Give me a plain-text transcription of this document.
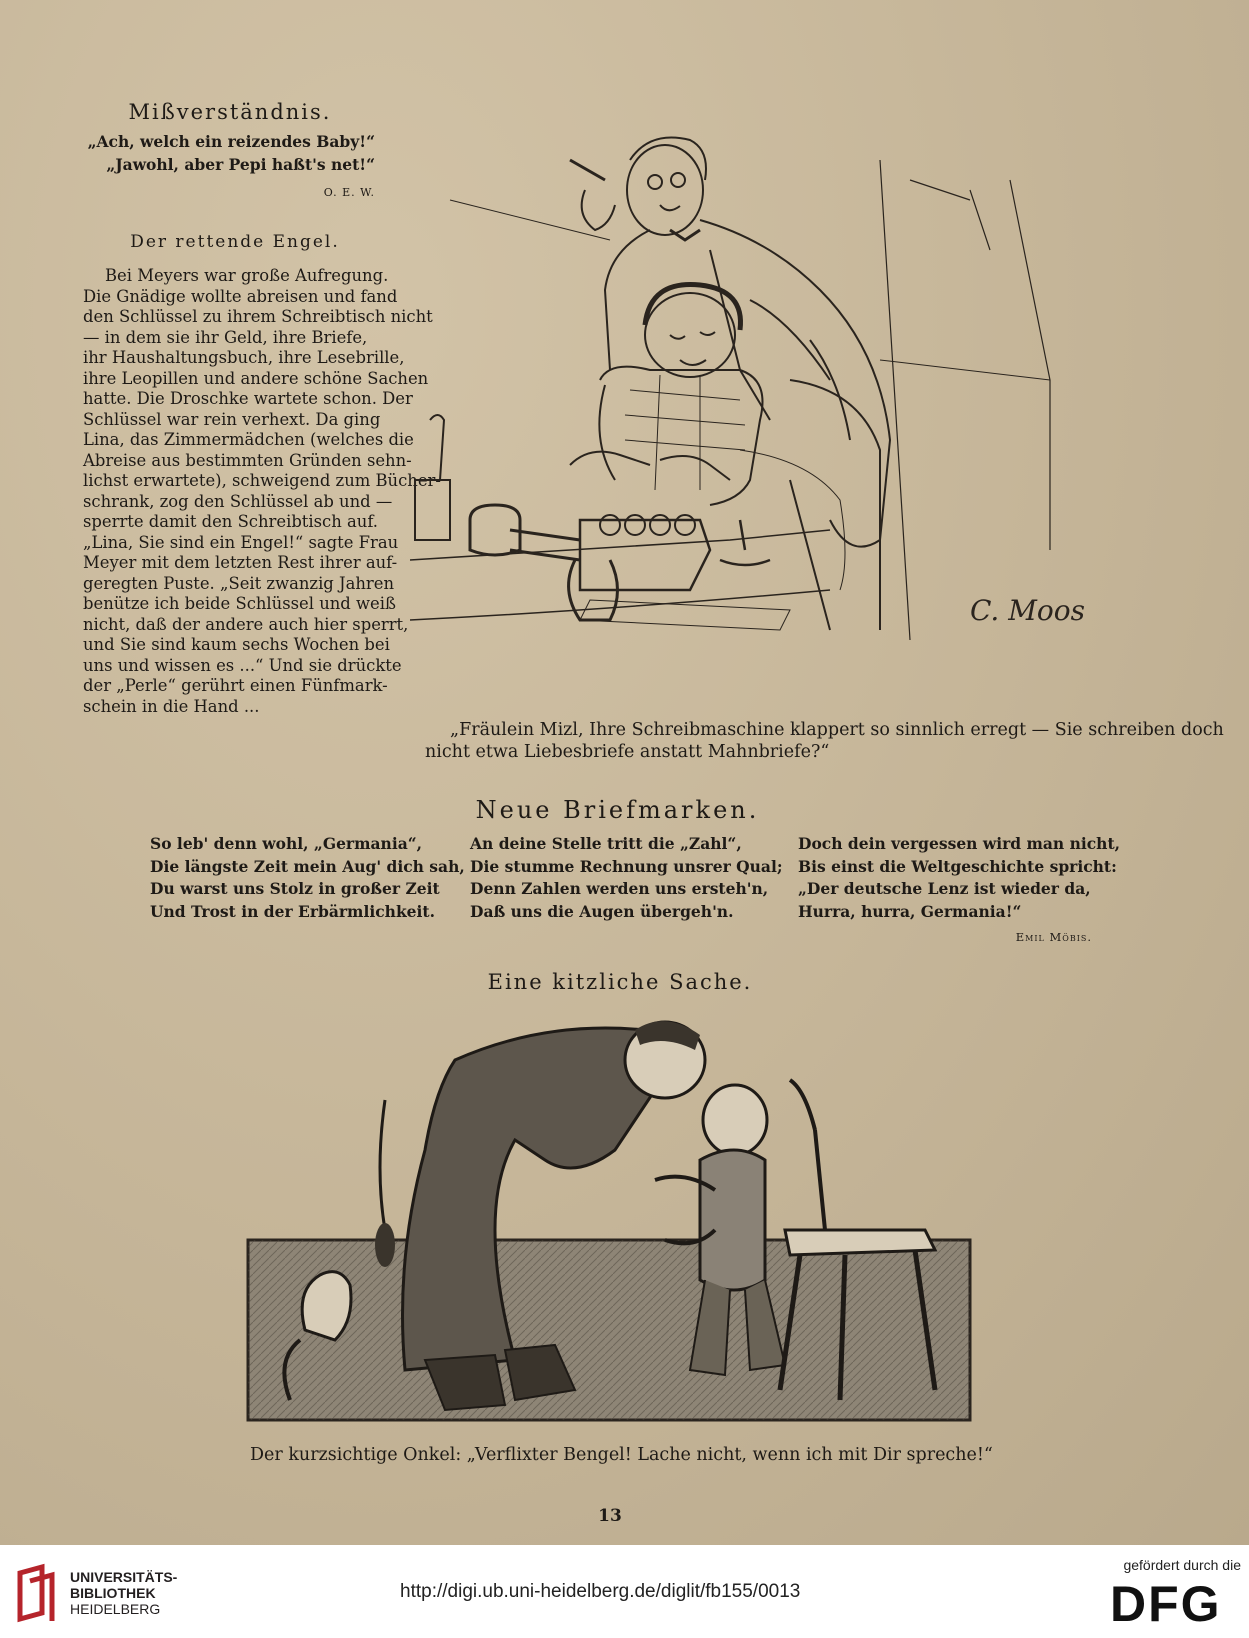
Mißverständnis.
„Ach, welch ein reizendes Baby!“
„Jawohl, aber Pepi haßt's net!“
O. E. W.
Der rettende Engel.
Bei Meyers war große Aufregung.
Die Gnädige wollte abreisen und fand
den Schlüssel zu ihrem Schreibtisch nicht
— in dem sie ihr Geld, ihre Briefe,
ihr Haushaltungsbuch, ihre Lesebrille,
ihre Leopillen und andere schöne Sachen
hatte. Die Droschke wartete schon. Der
Schlüssel war rein verhext. Da ging
Lina, das Zimmermädchen (welches die
Abreise aus bestimmten Gründen sehn-
lichst erwartete), schweigend zum Bücher-
schrank, zog den Schlüssel ab und —
sperrte damit den Schreibtisch auf.
„Lina, Sie sind ein Engel!“ sagte Frau
Meyer mit dem letzten Rest ihrer auf-
geregten Puste. „Seit zwanzig Jahren
benütze ich beide Schlüssel und weiß
nicht, daß der andere auch hier sperrt,
und Sie sind kaum sechs Wochen bei
uns und wissen es ...“ Und sie drückte
der „Perle“ gerührt einen Fünfmark-
schein in die Hand ...
C. Moos
„Fräulein Mizl, Ihre Schreibmaschine klappert so sinnlich erregt — Sie schreiben doch
nicht etwa Liebesbriefe anstatt Mahnbriefe?“
Neue Briefmarken.
So leb' denn wohl, „Germania“,
Die längste Zeit mein Aug' dich sah,
Du warst uns Stolz in großer Zeit
Und Trost in der Erbärmlichkeit.
An deine Stelle tritt die „Zahl“,
Die stumme Rechnung unsrer Qual;
Denn Zahlen werden uns ersteh'n,
Daß uns die Augen übergeh'n.
Doch dein vergessen wird man nicht,
Bis einst die Weltgeschichte spricht:
„Der deutsche Lenz ist wieder da,
Hurra, hurra, Germania!“
Emil Möbis.
Eine kitzliche Sache.
Der kurzsichtige Onkel: „Verflixter Bengel! Lache nicht, wenn ich mit Dir spreche!“
13
UNIVERSITÄTS-
BIBLIOTHEK
HEIDELBERG
http://digi.ub.uni-heidelberg.de/diglit/fb155/0013
gefördert durch die
DFG
